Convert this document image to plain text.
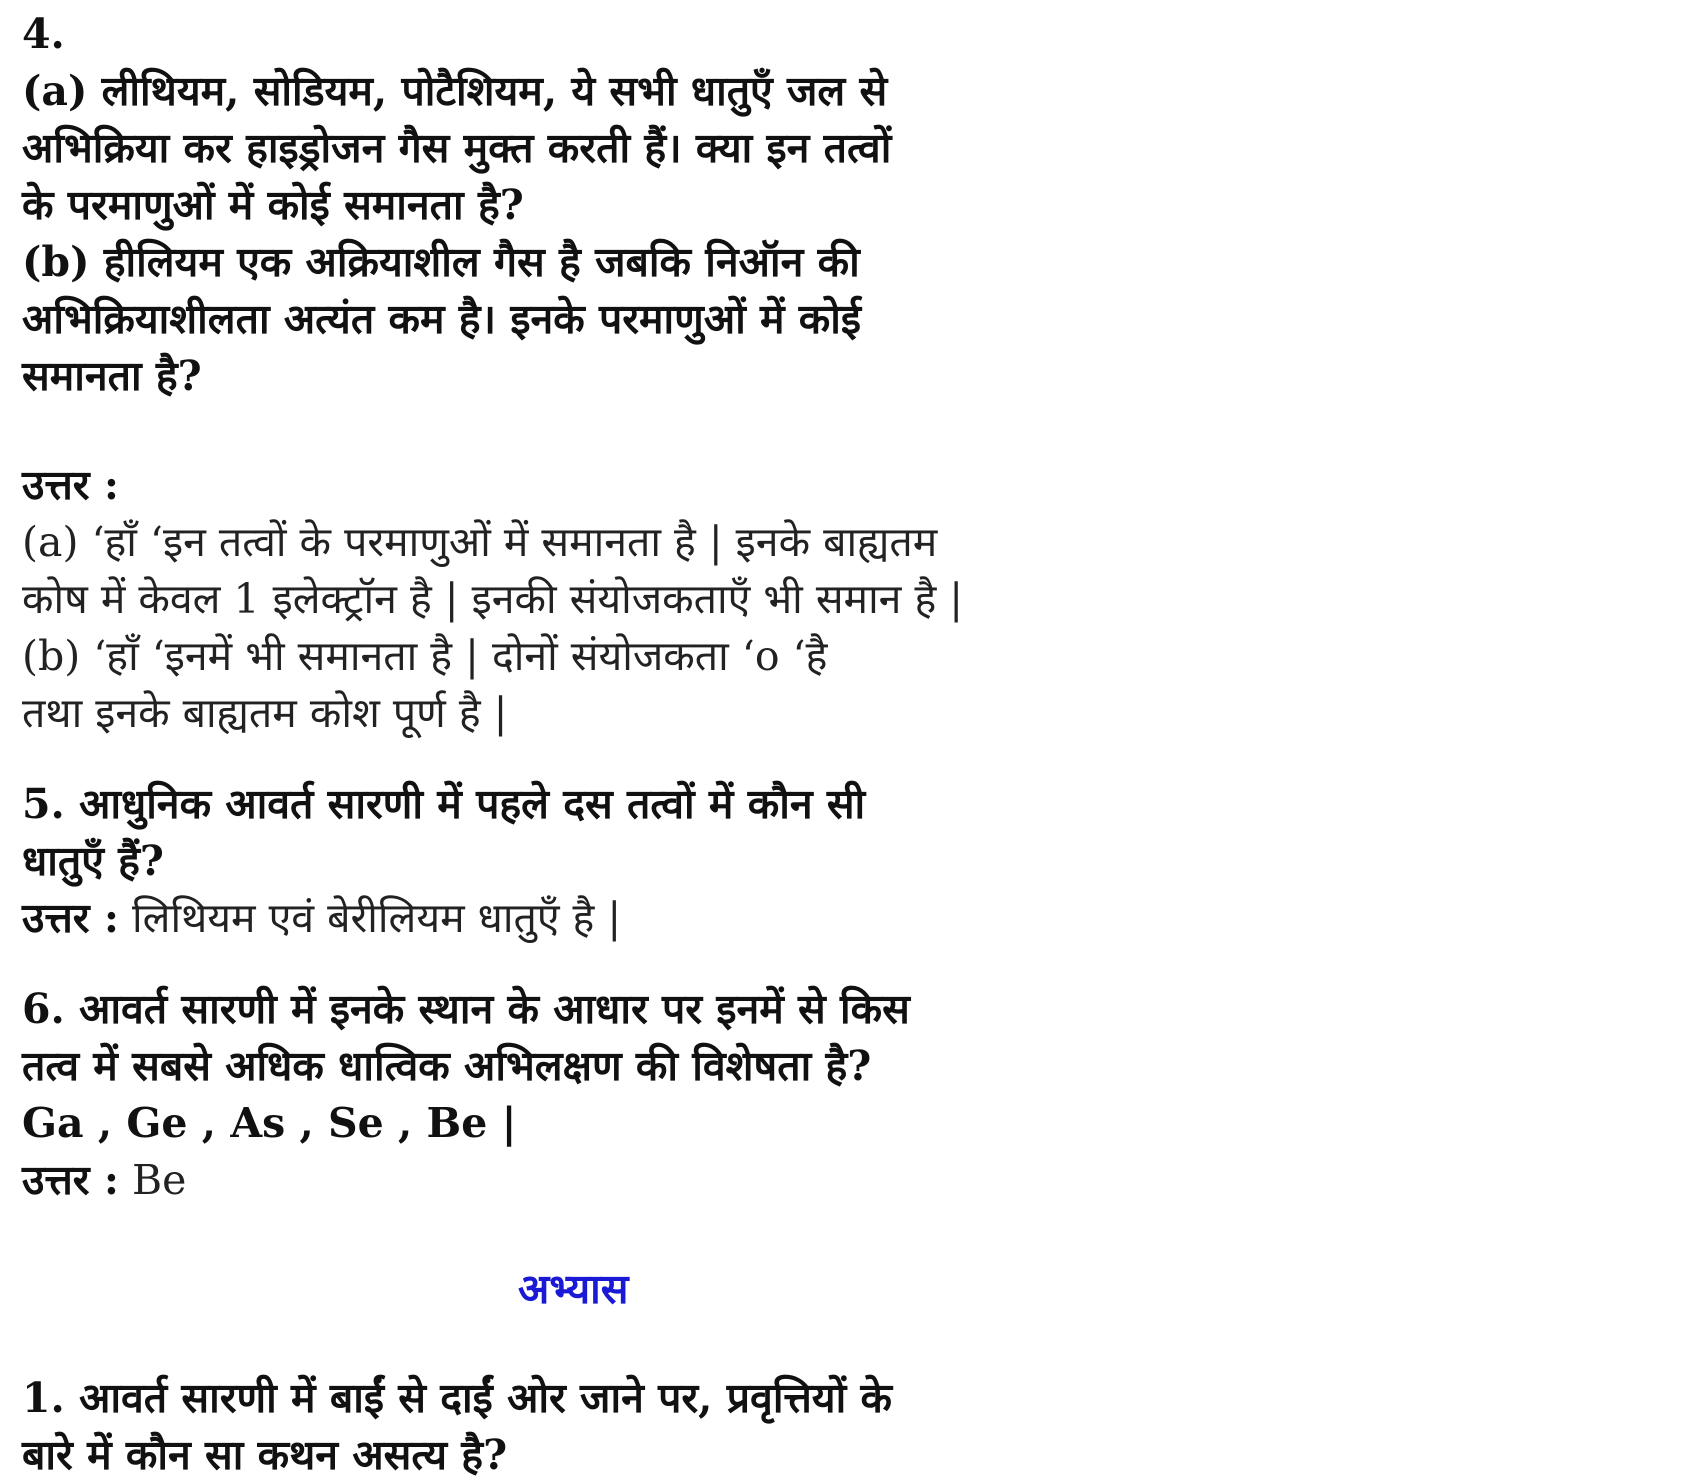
4.
(a) लीथियम, सोडियम, पोटैशियम, ये सभी धातुएँ जल से
अभिक्रिया कर हाइड्रोजन गैस मुक्त करती हैं। क्या इन तत्वों
के परमाणुओं में कोई समानता है?
(b) हीलियम एक अक्रियाशील गैस है जबकि निऑन की
अभिक्रियाशीलता अत्यंत कम है। इनके परमाणुओं में कोई
समानता है?
उत्तर :
(a) ‘हाँ ‘इन तत्वों के परमाणुओं में समानता है | इनके बाह्यतम
कोष में केवल 1 इलेक्ट्रॉन है | इनकी संयोजकताएँ भी समान है |
(b) ‘हाँ ‘इनमें भी समानता है | दोनों संयोजकता ‘o ‘है
तथा इनके बाह्यतम कोश पूर्ण है |
5. आधुनिक आवर्त सारणी में पहले दस तत्वों में कौन सी
धातुएँ हैं?
उत्तर : लिथियम एवं बेरीलियम धातुएँ है |
6. आवर्त सारणी में इनके स्थान के आधार पर इनमें से किस
तत्व में सबसे अधिक धात्विक अभिलक्षण की विशेषता है?
Ga , Ge , As , Se , Be |
उत्तर : Be
अभ्यास
1. आवर्त सारणी में बाईं से दाईं ओर जाने पर, प्रवृत्तियों के
बारे में कौन सा कथन असत्य है?
